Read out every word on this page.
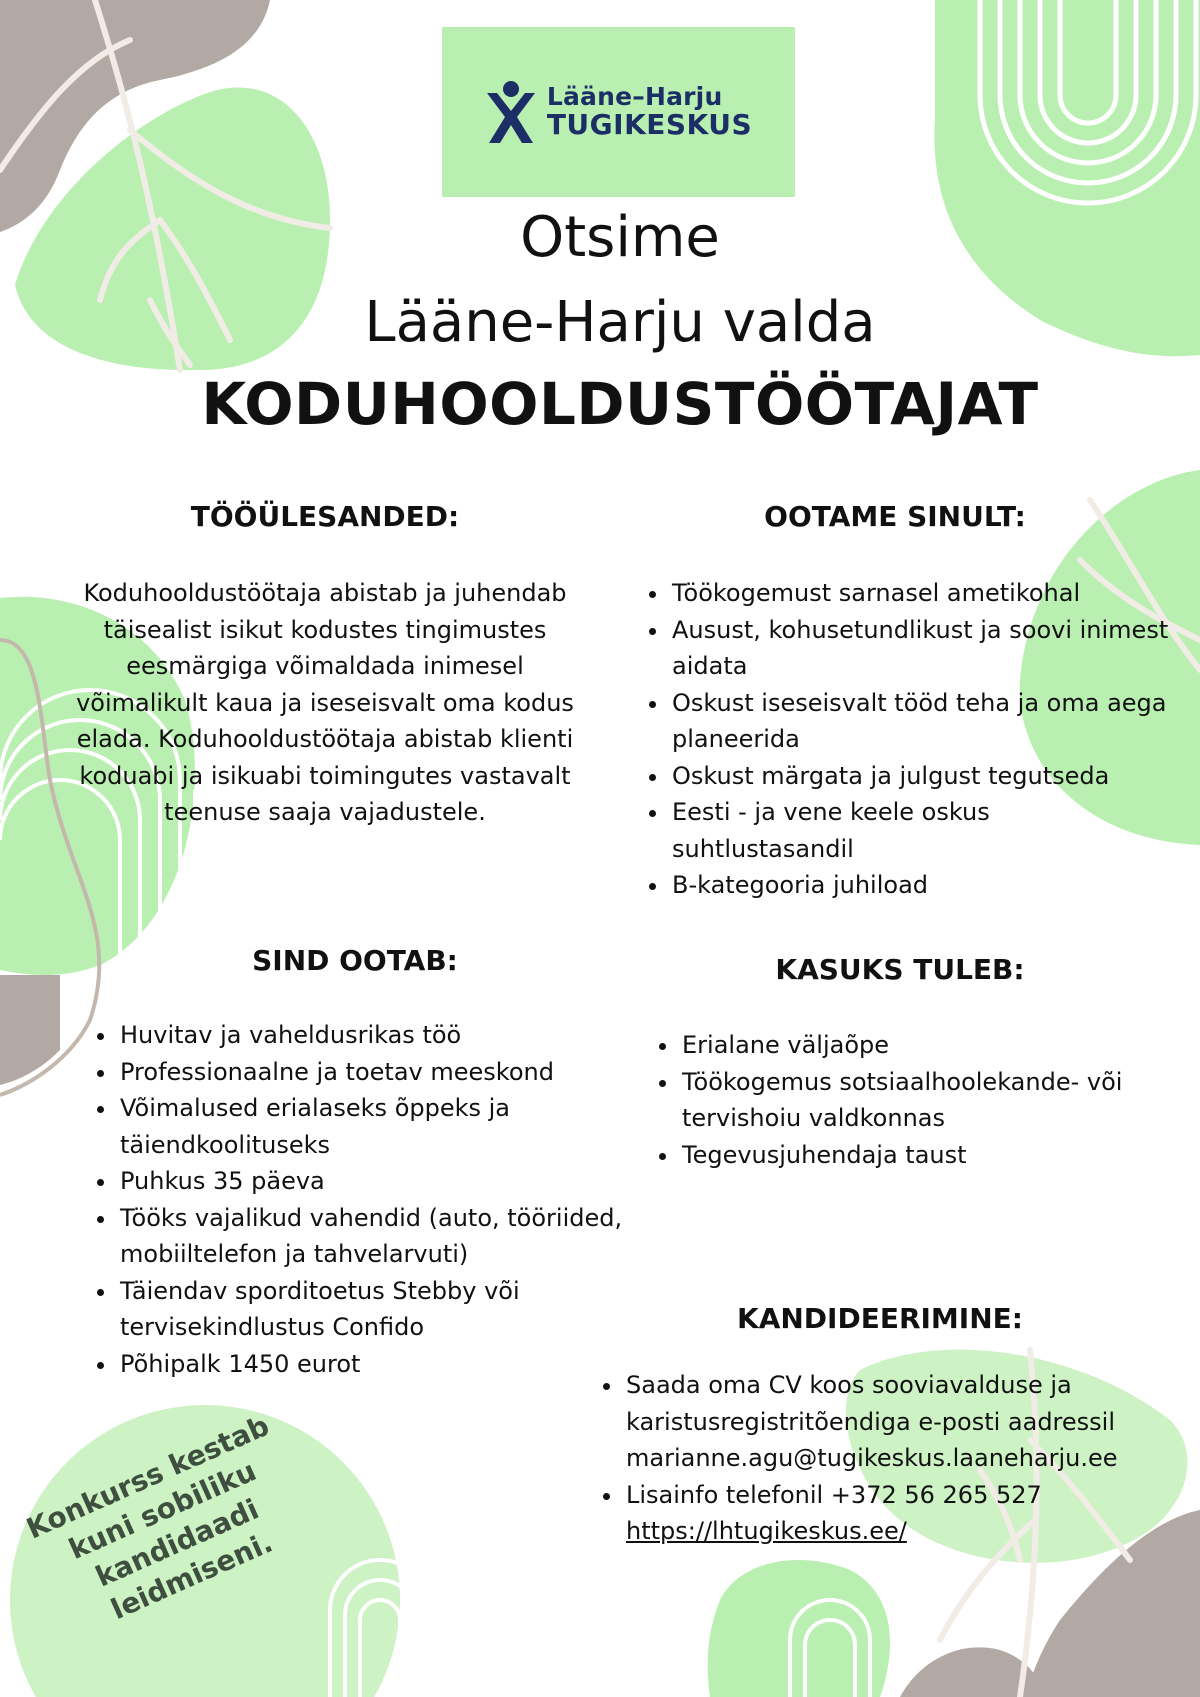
Lääne–Harju
TUGIKESKUS
Otsime
Lääne-Harju valda
KODUHOOLDUSTÖÖTAJAT
TÖÖÜLESANDED:

Koduhooldustöötaja abistab ja juhendab täisealist isikut kodustes tingimustes eesmärgiga võimaldada inimesel võimalikult kaua ja iseseisvalt oma kodus elada. Koduhooldustöötaja abistab klienti koduabi ja isikuabi toimingutes vastavalt teenuse saaja vajadustele.

OOTAME SINULT:
• Töökogemust sarnasel ametikohal
• Ausust, kohusetundlikust ja soovi inimest aidata
• Oskust iseseisvalt tööd teha ja oma aega planeerida
• Oskust märgata ja julgust tegutseda
• Eesti - ja vene keele oskus suhtlustasandil
• B-kategooria juhiload
SIND OOTAB:
• Huvitav ja vaheldusrikas töö
• Professionaalne ja toetav meeskond
• Võimalused erialaseks õppeks ja täiendkoolituseks
• Puhkus 35 päeva
• Tööks vajalikud vahendid (auto, tööriided, mobiiltelefon ja tahvelarvuti)
• Täiendav sporditoetus Stebby või tervisekindlustus Confido
• Põhipalk 1450 eurot
KASUKS TULEB:
• Erialane väljaõpe
• Töökogemus sotsiaalhoolekande- või tervishoiu valdkonnas
• Tegevusjuhendaja taust
KANDIDEERIMINE:
• Saada oma CV koos sooviavalduse ja karistusregistritõendiga e-posti aadressil marianne.agu@tugikeskus.laaneharju.ee
• Lisainfo telefonil +372 56 265 527
https://lhtugikeskus.ee/
Konkurss kestab kuni sobiliku kandidaadi leidmiseni.
